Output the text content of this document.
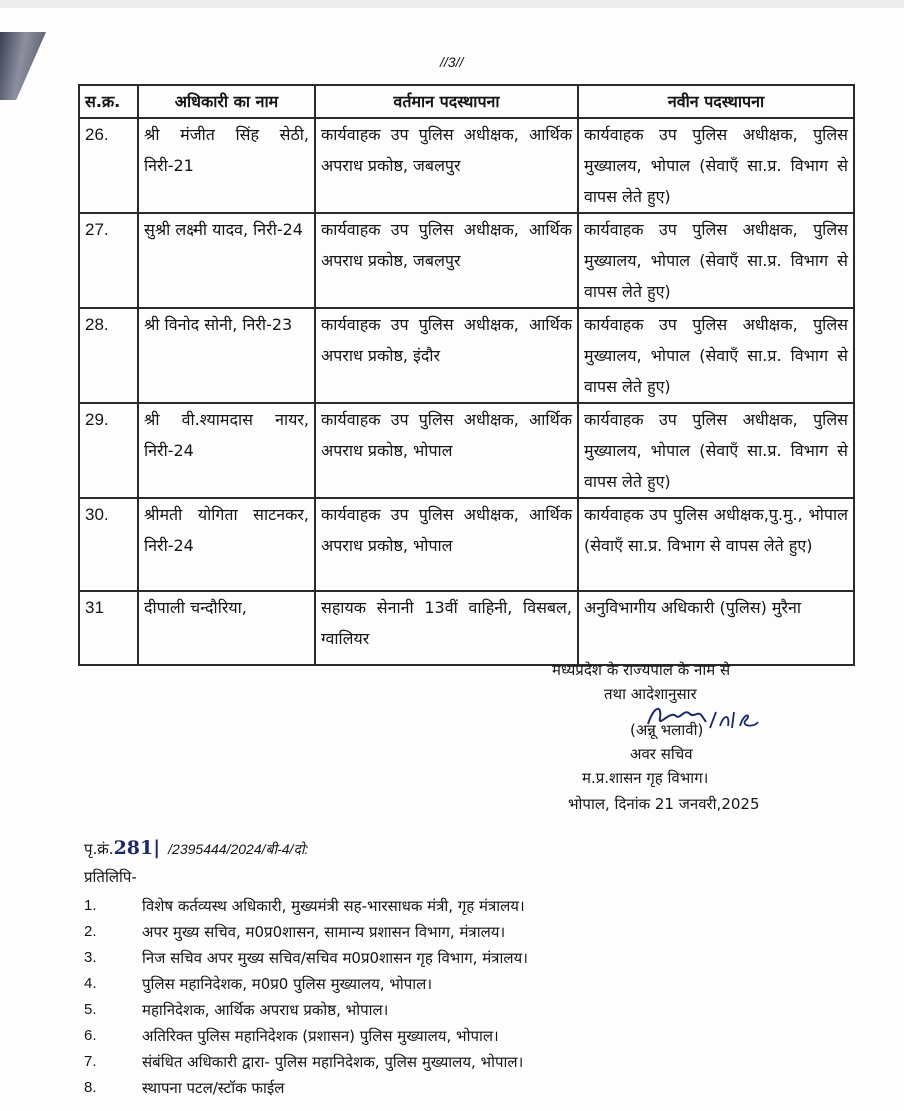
//3//
स.क्र.	अधिकारी का नाम	वर्तमान पदस्थापना	नवीन पदस्थापना
26.	श्री मंजीत सिंह सेठी, निरी-21	कार्यवाहक उप पुलिस अधीक्षक, आर्थिक अपराध प्रकोष्ठ, जबलपुर	कार्यवाहक उप पुलिस अधीक्षक, पुलिस मुख्यालय, भोपाल (सेवाएँ सा.प्र. विभाग से वापस लेते हुए)
27.	सुश्री लक्ष्मी यादव, निरी-24	कार्यवाहक उप पुलिस अधीक्षक, आर्थिक अपराध प्रकोष्ठ, जबलपुर	कार्यवाहक उप पुलिस अधीक्षक, पुलिस मुख्यालय, भोपाल (सेवाएँ सा.प्र. विभाग से वापस लेते हुए)
28.	श्री विनोद सोनी, निरी-23	कार्यवाहक उप पुलिस अधीक्षक, आर्थिक अपराध प्रकोष्ठ, इंदौर	कार्यवाहक उप पुलिस अधीक्षक, पुलिस मुख्यालय, भोपाल (सेवाएँ सा.प्र. विभाग से वापस लेते हुए)
29.	श्री वी.श्यामदास नायर, निरी-24	कार्यवाहक उप पुलिस अधीक्षक, आर्थिक अपराध प्रकोष्ठ, भोपाल	कार्यवाहक उप पुलिस अधीक्षक, पुलिस मुख्यालय, भोपाल (सेवाएँ सा.प्र. विभाग से वापस लेते हुए)
30.	श्रीमती योगिता साटनकर, निरी-24	कार्यवाहक उप पुलिस अधीक्षक, आर्थिक अपराध प्रकोष्ठ, भोपाल	कार्यवाहक उप पुलिस अधीक्षक,पु.मु., भोपाल (सेवाएँ सा.प्र. विभाग से वापस लेते हुए)
31	दीपाली चन्दौरिया,	सहायक सेनानी 13वीं वाहिनी, विसबल, ग्वालियर	अनुविभागीय अधिकारी (पुलिस) मुरैना
मध्यप्रदेश के राज्यपाल के नाम से
तथा आदेशानुसार
(अन्नू भलावी)
अवर सचिव
म.प्र.शासन गृह विभाग।
भोपाल, दिनांक 21 जनवरी,2025
पृ.क्रं.281| /2395444/2024/बी-4/दो:
प्रतिलिपि-
1.	विशेष कर्तव्यस्थ अधिकारी, मुख्यमंत्री सह-भारसाधक मंत्री, गृह मंत्रालय।
2.	अपर मुख्य सचिव, म0प्र0शासन, सामान्य प्रशासन विभाग, मंत्रालय।
3.	निज सचिव अपर मुख्य सचिव/सचिव म0प्र0शासन गृह विभाग, मंत्रालय।
4.	पुलिस महानिदेशक, म0प्र0 पुलिस मुख्यालय, भोपाल।
5.	महानिदेशक, आर्थिक अपराध प्रकोष्ठ, भोपाल।
6.	अतिरिक्त पुलिस महानिदेशक (प्रशासन) पुलिस मुख्यालय, भोपाल।
7.	संबंधित अधिकारी द्वारा- पुलिस महानिदेशक, पुलिस मुख्यालय, भोपाल।
8.	स्थापना पटल/स्टॉक फाईल
